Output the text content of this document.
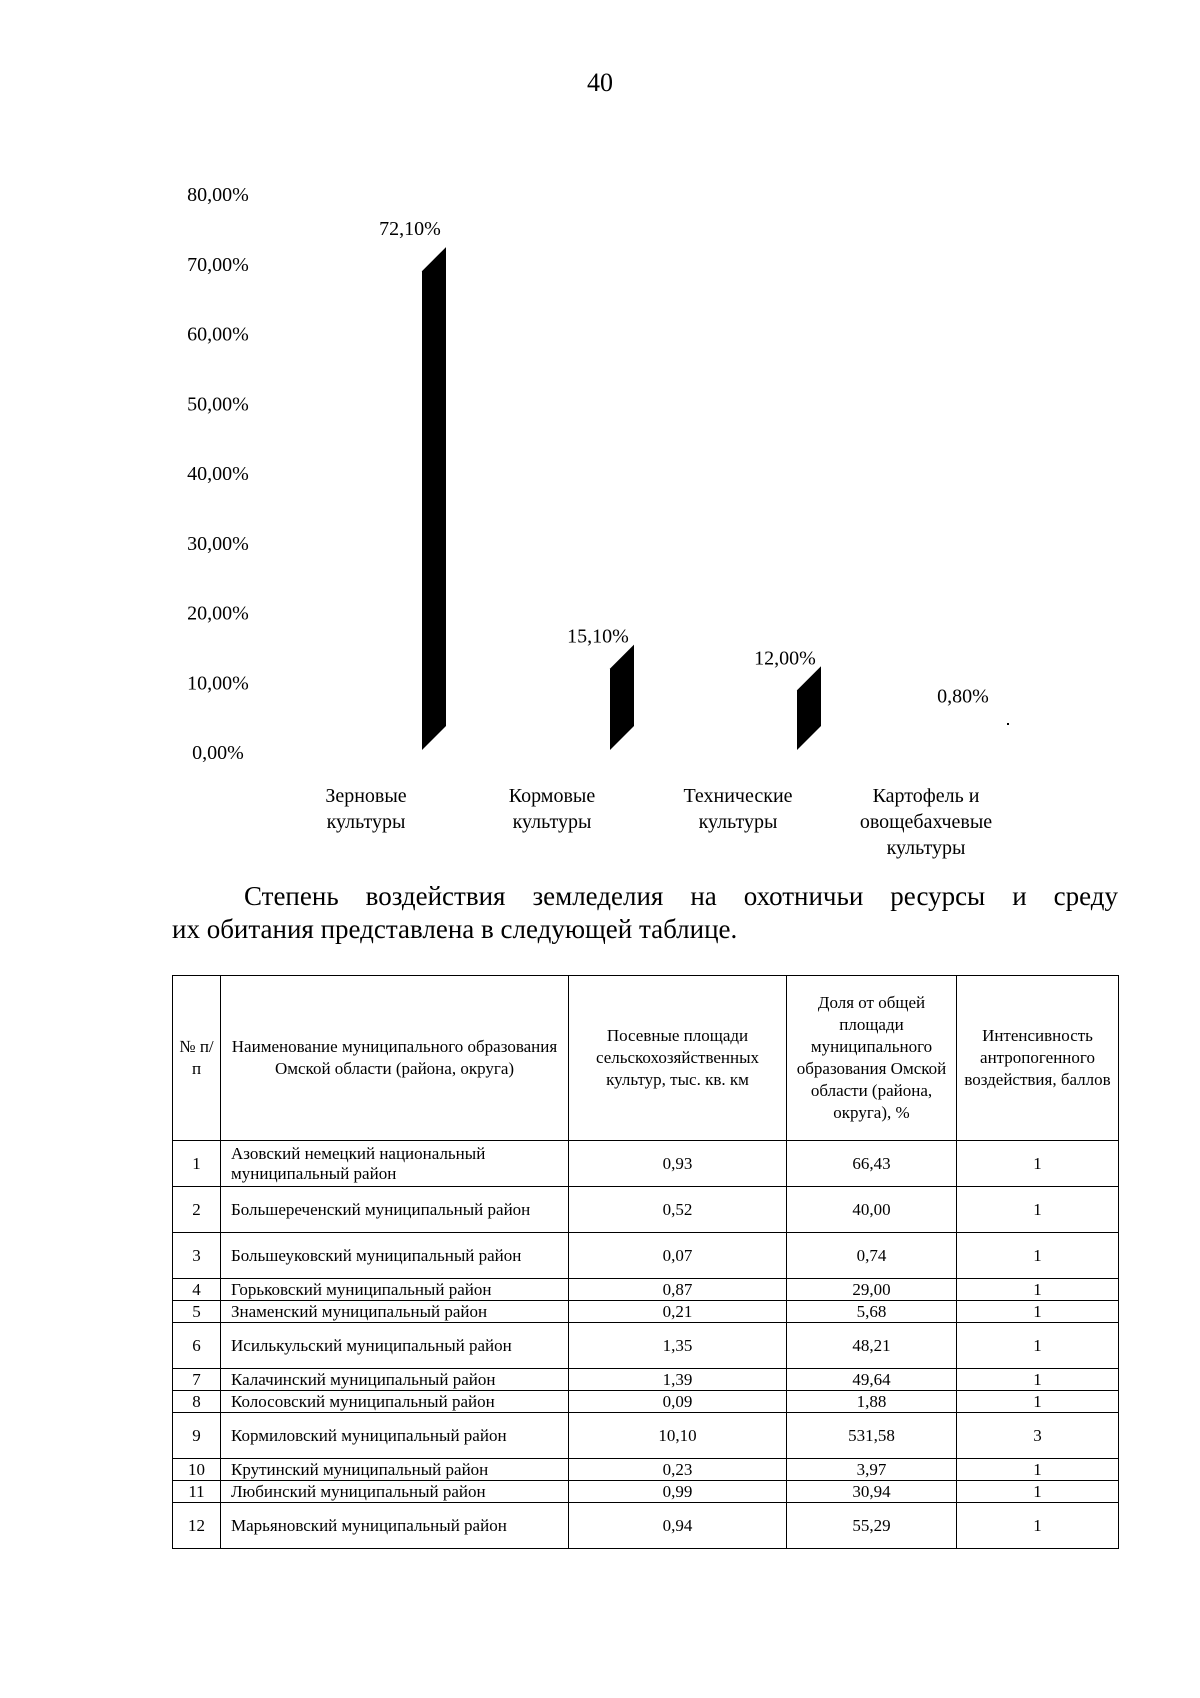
40
0,00%
10,00%
20,00%
30,00%
40,00%
50,00%
60,00%
70,00%
80,00%
72,10%
15,10%
12,00%
0,80%
Зерновые
культуры
Кормовые
культуры
Технические
культуры
Картофель и
овощебахчевые
культуры
Степень воздействия земледелия на охотничьи ресурсы и среду
их обитания представлена в следующей таблице.
№ п/п	Наименование муниципального образования Омской области (района, округа)	Посевные площади сельскохозяйственных культур, тыс. кв. км	Доля от общей площади муниципального образования Омской области (района, округа), %	Интенсивность антропогенного воздействия, баллов
1	Азовский немецкий национальный муниципальный район	0,93	66,43	1
2	Большереченский муниципальный район	0,52	40,00	1
3	Большеуковский муниципальный район	0,07	0,74	1
4	Горьковский муниципальный район	0,87	29,00	1
5	Знаменский муниципальный район	0,21	5,68	1
6	Исилькульский муниципальный район	1,35	48,21	1
7	Калачинский муниципальный район	1,39	49,64	1
8	Колосовский муниципальный район	0,09	1,88	1
9	Кормиловский муниципальный район	10,10	531,58	3
10	Крутинский муниципальный район	0,23	3,97	1
11	Любинский муниципальный район	0,99	30,94	1
12	Марьяновский муниципальный район	0,94	55,29	1
